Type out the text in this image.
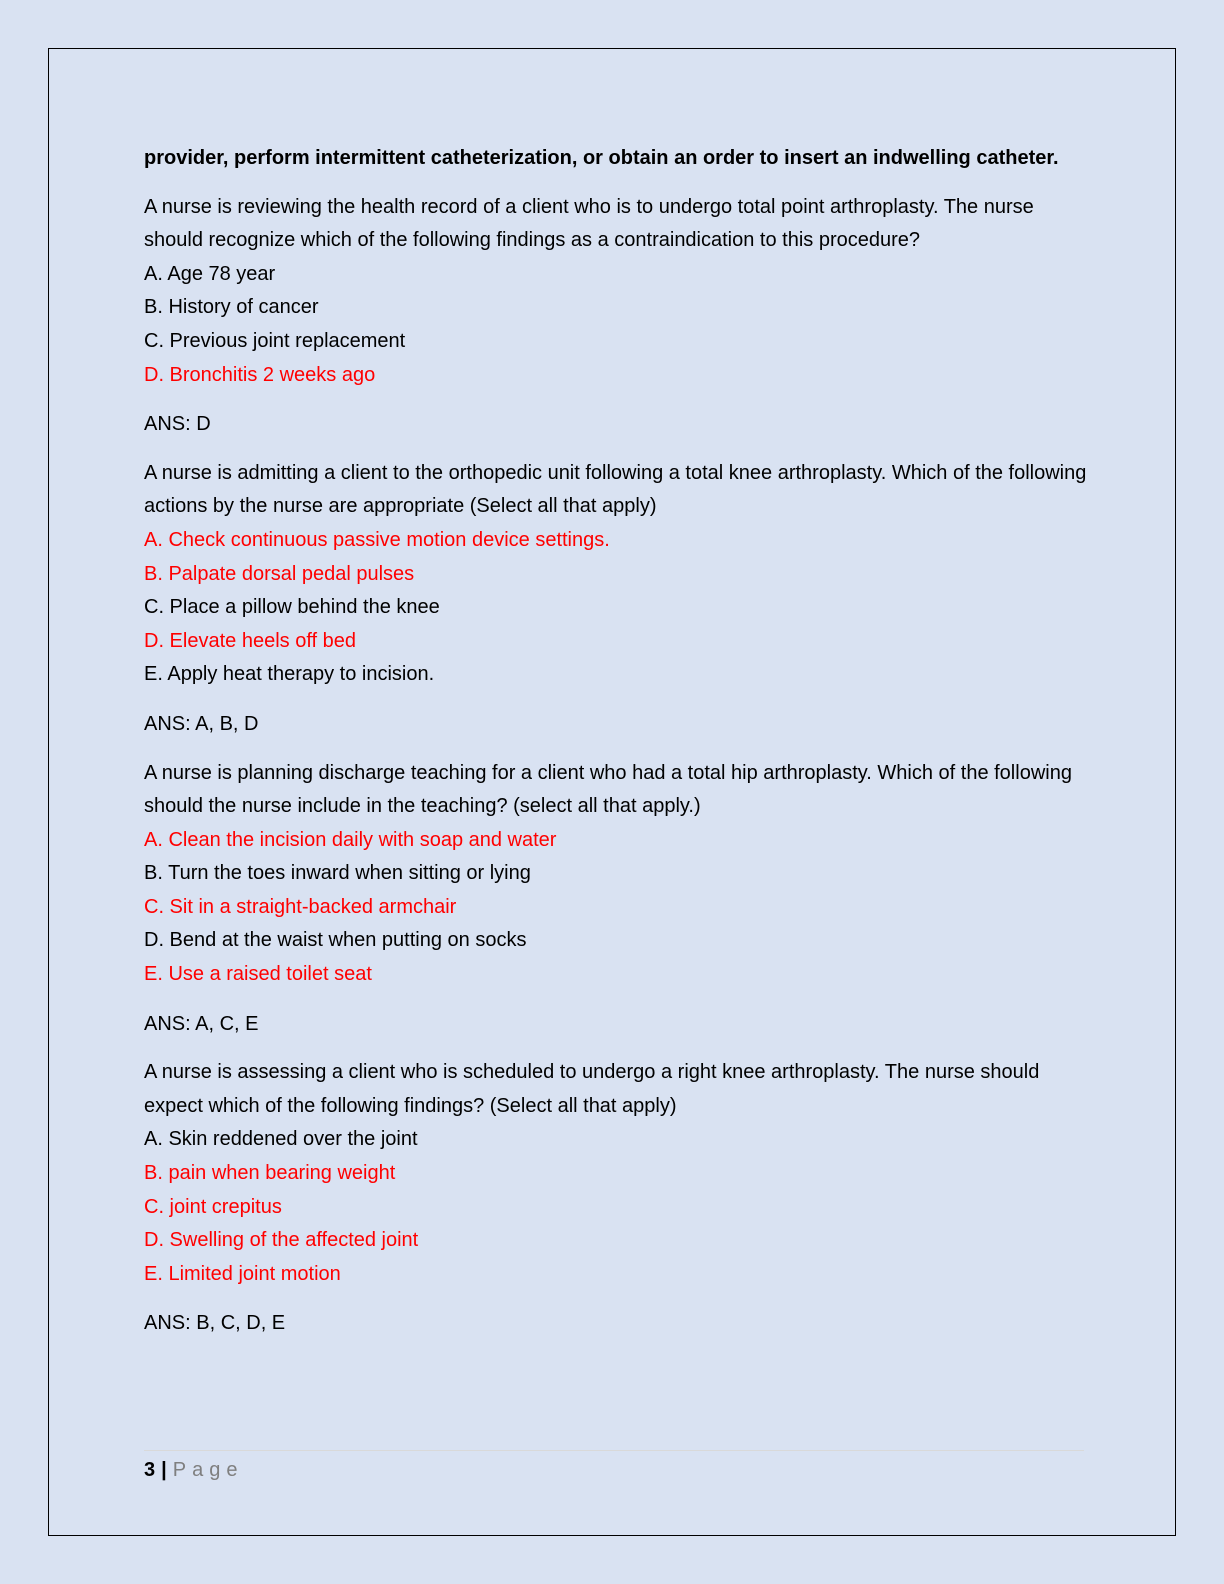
provider, perform intermittent catheterization, or obtain an order to insert an indwelling catheter.

A nurse is reviewing the health record of a client who is to undergo total point arthroplasty. The nurse should recognize which of the following findings as a contraindication to this procedure?

A. Age 78 year

B. History of cancer

C. Previous joint replacement

D. Bronchitis 2 weeks ago

ANS: D

A nurse is admitting a client to the orthopedic unit following a total knee arthroplasty. Which of the following actions by the nurse are appropriate (Select all that apply)

A. Check continuous passive motion device settings.

B. Palpate dorsal pedal pulses

C. Place a pillow behind the knee

D. Elevate heels off bed

E. Apply heat therapy to incision.

ANS: A, B, D

A nurse is planning discharge teaching for a client who had a total hip arthroplasty. Which of the following should the nurse include in the teaching? (select all that apply.)

A. Clean the incision daily with soap and water

B. Turn the toes inward when sitting or lying

C. Sit in a straight-backed armchair

D. Bend at the waist when putting on socks

E. Use a raised toilet seat

ANS: A, C, E

A nurse is assessing a client who is scheduled to undergo a right knee arthroplasty. The nurse should expect which of the following findings? (Select all that apply)

A. Skin reddened over the joint

B. pain when bearing weight

C. joint crepitus

D. Swelling of the affected joint

E. Limited joint motion

ANS: B, C, D, E

3 | Page
